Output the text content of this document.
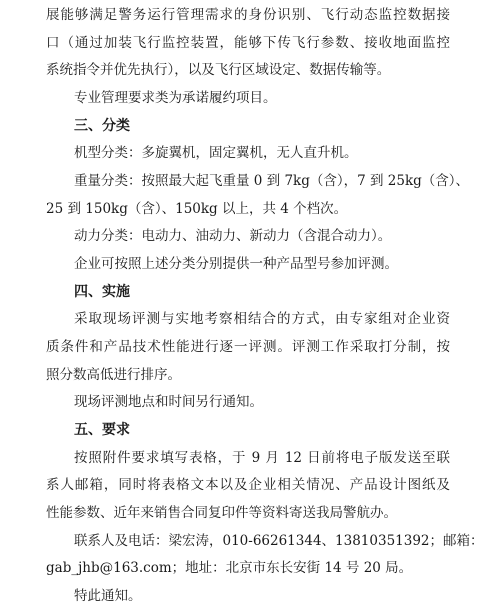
展能够满足警务运行管理需求的身份识别、飞行动态监控数据接
口（通过加装飞行监控装置，能够下传飞行参数、接收地面监控
系统指令并优先执行），以及飞行区域设定、数据传输等。
专业管理要求类为承诺履约项目。
三、分类
机型分类：多旋翼机，固定翼机，无人直升机。
重量分类：按照最大起飞重量 0 到 7kg（含），7 到 25kg（含）、
25 到 150kg（含）、150kg 以上，共 4 个档次。
动力分类：电动力、油动力、新动力（含混合动力）。
企业可按照上述分类分别提供一种产品型号参加评测。
四、实施
采取现场评测与实地考察相结合的方式，由专家组对企业资
质条件和产品技术性能进行逐一评测。评测工作采取打分制，按
照分数高低进行排序。
现场评测地点和时间另行通知。
五、要求
按照附件要求填写表格，于 9 月 12 日前将电子版发送至联
系人邮箱，同时将表格文本以及企业相关情况、产品设计图纸及
性能参数、近年来销售合同复印件等资料寄送我局警航办。
联系人及电话：梁宏涛，010-66261344、13810351392；邮箱：
gab_jhb@163.com；地址：北京市东长安街 14 号 20 局。
特此通知。
